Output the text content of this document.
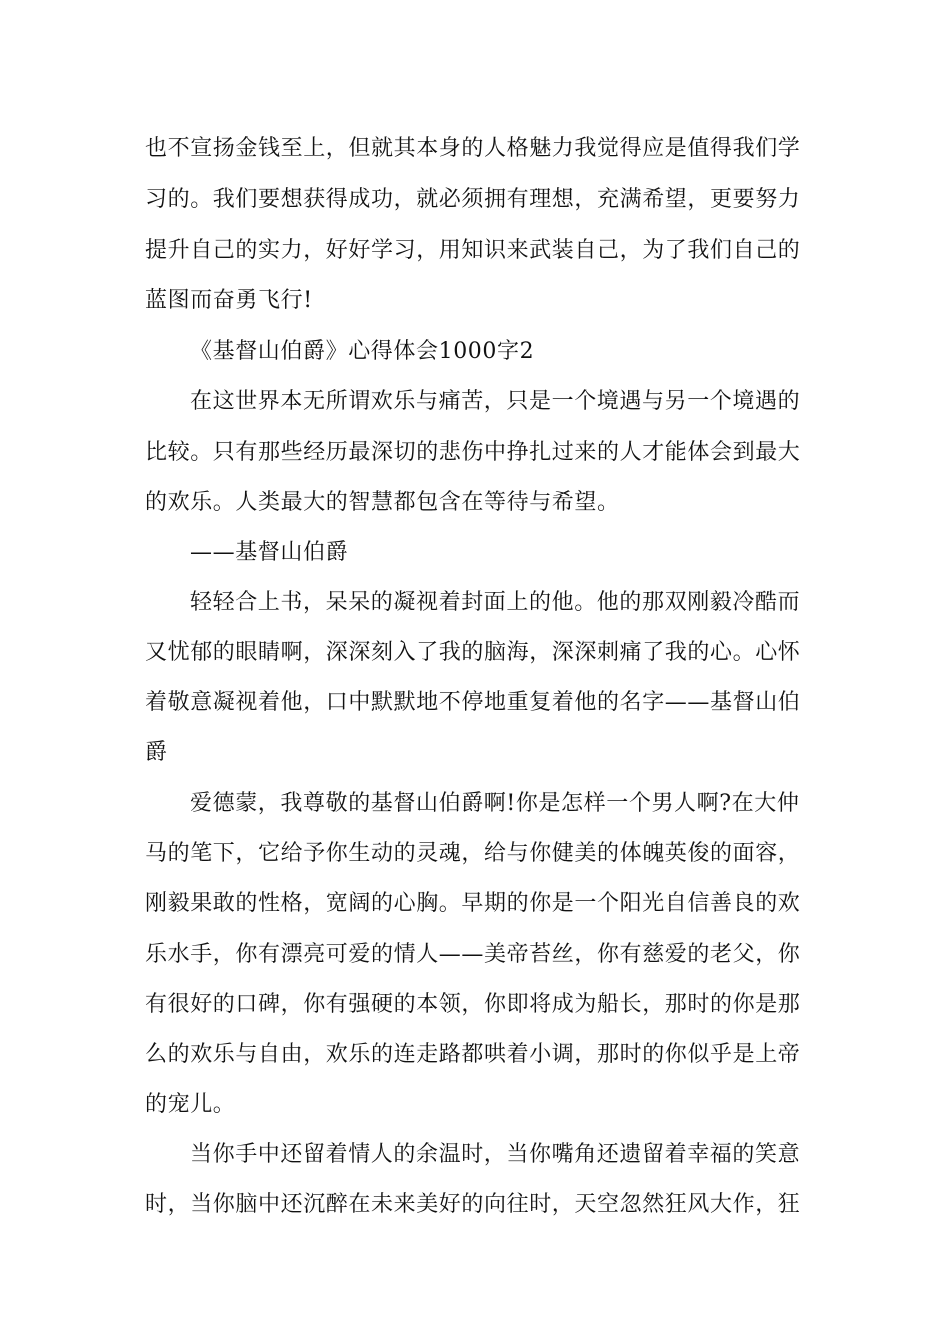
也不宣扬金钱至上，但就其本身的人格魅力我觉得应是值得我们学
习的。我们要想获得成功，就必须拥有理想，充满希望，更要努力
提升自己的实力，好好学习，用知识来武装自己，为了我们自己的
蓝图而奋勇飞行!
《基督山伯爵》心得体会1000字2
在这世界本无所谓欢乐与痛苦，只是一个境遇与另一个境遇的
比较。只有那些经历最深切的悲伤中挣扎过来的人才能体会到最大
的欢乐。人类最大的智慧都包含在等待与希望。
——基督山伯爵
轻轻合上书，呆呆的凝视着封面上的他。他的那双刚毅冷酷而
又忧郁的眼睛啊，深深刻入了我的脑海，深深刺痛了我的心。心怀
着敬意凝视着他，口中默默地不停地重复着他的名字——基督山伯
爵
爱德蒙，我尊敬的基督山伯爵啊!你是怎样一个男人啊?在大仲
马的笔下，它给予你生动的灵魂，给与你健美的体魄英俊的面容，
刚毅果敢的性格，宽阔的心胸。早期的你是一个阳光自信善良的欢
乐水手，你有漂亮可爱的情人——美帝苔丝，你有慈爱的老父，你
有很好的口碑，你有强硬的本领，你即将成为船长，那时的你是那
么的欢乐与自由，欢乐的连走路都哄着小调，那时的你似乎是上帝
的宠儿。
当你手中还留着情人的余温时，当你嘴角还遗留着幸福的笑意
时，当你脑中还沉醉在未来美好的向往时，天空忽然狂风大作，狂
